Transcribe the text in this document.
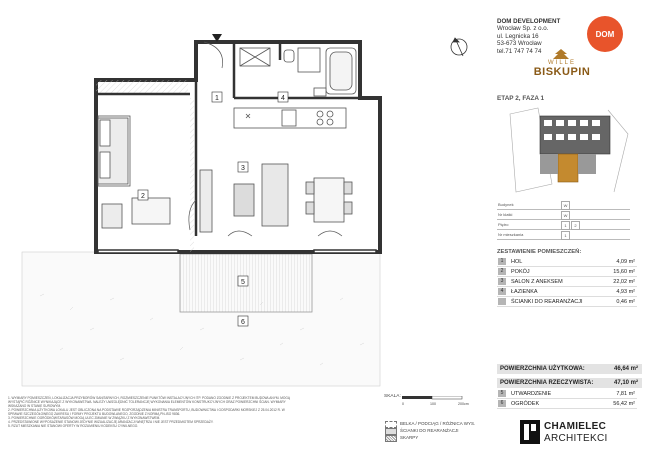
1	4
2
3
5
6
DOM DEVELOPMENT
Wrocław Sp. z o.o.
ul. Legnicka 16
53-673 Wrocław
tel.71 747 74 74
DOM
WILLE
BISKUPIN
ETAP 2, FAZA 1
Budynek	W
Nr klatki	W
Piętro	1	2
Nr mieszkania	1
ZESTAWIENIE POMIESZCZEŃ:
1	HOL	4,09 m²
2	POKÓJ	15,60 m²
3	SALON Z ANEKSEM	22,02 m²
4	ŁAZIENKA	4,93 m²
ŚCIANKI DO REARANŻACJI	0,46 m²
POWIERZCHNIA UŻYTKOWA:	46,64 m²
POWIERZCHNIA RZECZYWISTA:	47,10 m²
5	UTWARDZENIE	7,81 m²
6	OGRÓDEK	56,42 m²
1. WYMIARY POMIESZCZEŃ, LOKALIZACJA PRZYBORÓW SANITARNYCH, ROZMIESZCZENIE PUNKTÓW INSTALACYJNYCH ITP. PODANO ZGODNIE Z PROJEKTEM BUDOWLANYM. MOGĄ
WYSTĄPIĆ RÓŻNICE WYNIKAJĄCE Z WYKONAWSTWA. NALEŻY UWZGLĘDNIĆ TOLERANCJĘ WYKONANIA ELEMENTÓW KONSTRUKCYJNYCH ORAZ POWIERZCHNI ŚCIAN. WYMIARY
WSKAZANO W STANIE SUROWYM.
2. POWIERZCHNIA UŻYTKOWA LOKALU JEST OBLICZONA NA PODSTAWIE ROZPORZĄDZENIA MINISTRA TRANSPORTU, BUDOWNICTWA I GOSPODARKI MORSKIEJ Z 25.04.2012 R. W
SPRAWIE SZCZEGÓŁOWEGO ZAKRESU I FORMY PROJEKTU BUDOWLANEGO, ZGODNIE Z NORMĄ PN-ISO 9836.
3. POWIERZCHNIE OGRÓDKÓW/TARASÓW MOGĄ ULEC ZMIANIE W ZWIĄZKU Z WYKONAWSTWEM.
4. PRZEDSTAWIONE WYPOSAŻENIE STANOWI JEDYNIE WIZUALIZACJĘ ARANŻACJI WNĘTRZA I NIE JEST PRZEDMIOTEM SPRZEDAŻY.
5. RZUT MIESZKANIA NIE STANOWI OFERTY W ROZUMIENIU KODEKSU CYWILNEGO.
SKALA:
0	100	200cm
BELKA / PODCIĄG / RÓŻNICA WYS.
ŚCIANKI DO REARANŻACJI
SKARPY
CHAMIELEC
ARCHITEKCI
